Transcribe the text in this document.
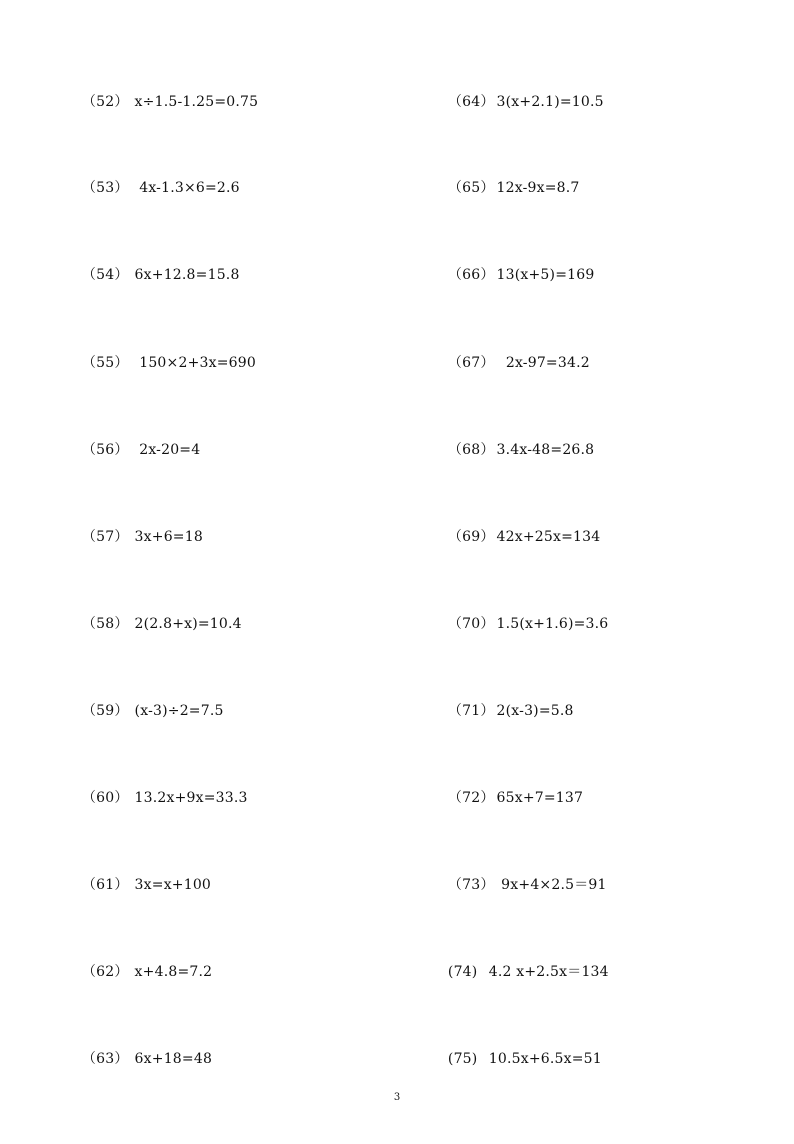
（52） x÷1.5-1.25=0.75

（53）  4x-1.3×6=2.6

（54） 6x+12.8=15.8

（55）  150×2+3x=690

（56）  2x-20=4

（57） 3x+6=18

（58） 2(2.8+x)=10.4

（59） (x-3)÷2=7.5

（60） 13.2x+9x=33.3

（61） 3x=x+100

（62） x+4.8=7.2

（63） 6x+18=48

（64） 3(x+2.1)=10.5

（65） 12x-9x=8.7

（66） 13(x+5)=169

（67）  2x-97=34.2

（68） 3.4x-48=26.8

（69） 42x+25x=134

（70） 1.5(x+1.6)=3.6

（71） 2(x-3)=5.8

（72） 65x+7=137

（73） 9x+4×2.5＝91

(74)  4.2 x+2.5x＝134

(75)  10.5x+6.5x=51

3
